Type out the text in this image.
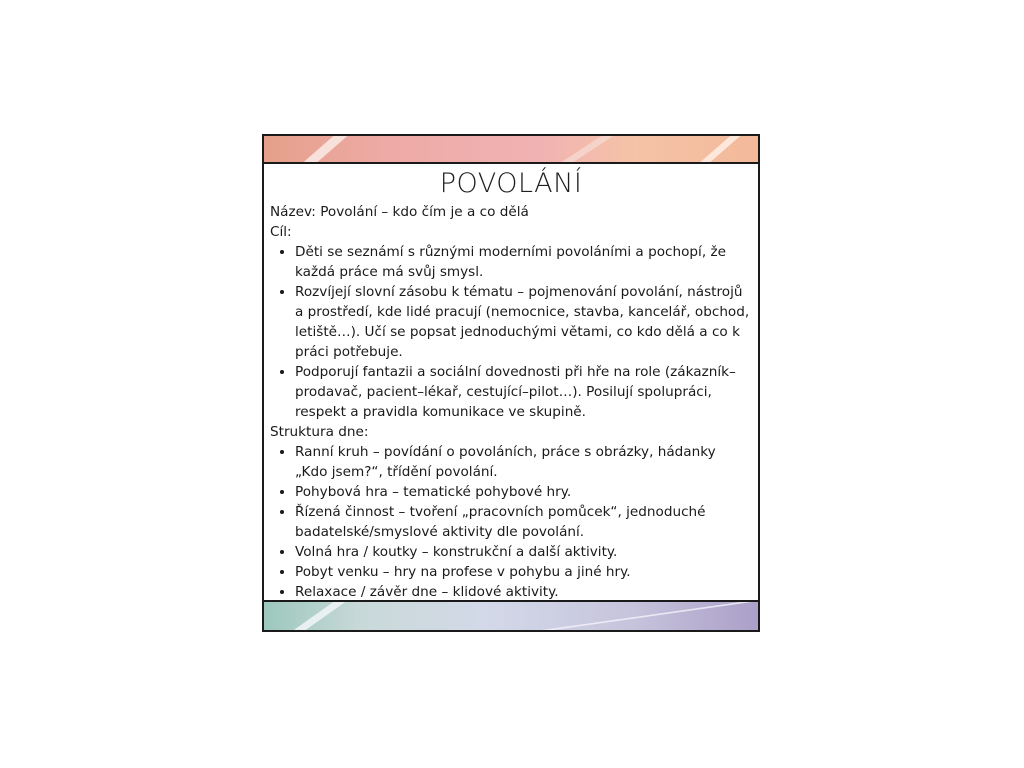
POVOLÁNÍ

Název: Povolání – kdo čím je a co dělá

Cíl:

• Děti se seznámí s různými moderními povoláními a pochopí, že každá práce má svůj smysl.
• Rozvíjejí slovní zásobu k tématu – pojmenování povolání, nástrojů a prostředí, kde lidé pracují (nemocnice, stavba, kancelář, obchod, letiště…). Učí se popsat jednoduchými větami, co kdo dělá a co k práci potřebuje.
• Podporují fantazii a sociální dovednosti při hře na role (zákazník–prodavač, pacient–lékař, cestující–pilot…). Posilují spolupráci, respekt a pravidla komunikace ve skupině.

Struktura dne:

• Ranní kruh – povídání o povoláních, práce s obrázky, hádanky „Kdo jsem?“, třídění povolání.
• Pohybová hra – tematické pohybové hry.
• Řízená činnost – tvoření „pracovních pomůcek“, jednoduché badatelské/smyslové aktivity dle povolání.
• Volná hra / koutky – konstrukční a další aktivity.
• Pobyt venku – hry na profese v pohybu a jiné hry.
• Relaxace / závěr dne – klidové aktivity.
